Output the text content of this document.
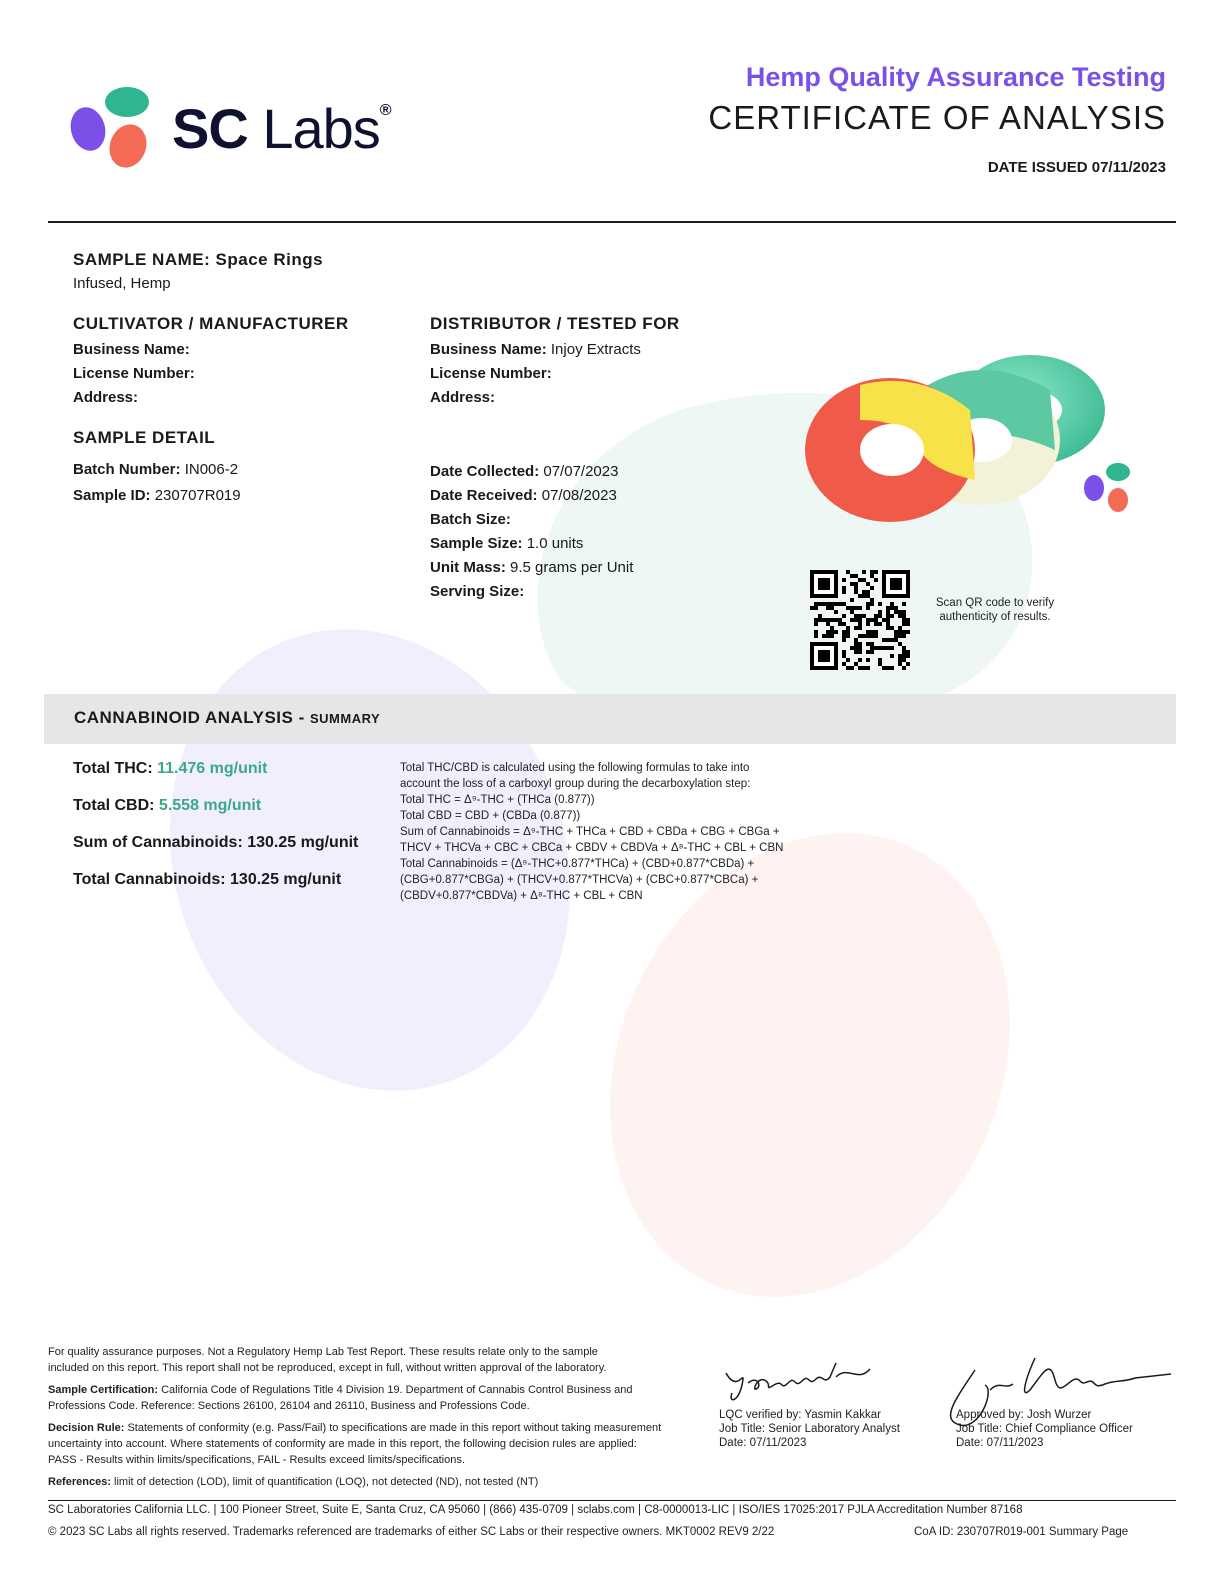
SC Labs®
Hemp Quality Assurance Testing
CERTIFICATE OF ANALYSIS
DATE ISSUED 07/11/2023
SAMPLE NAME: Space Rings
Infused, Hemp
CULTIVATOR / MANUFACTURER
Business Name:
License Number:
Address:
DISTRIBUTOR / TESTED FOR
Business Name: Injoy Extracts
License Number:
Address:
SAMPLE DETAIL
Batch Number: IN006-2
Sample ID: 230707R019
Date Collected: 07/07/2023
Date Received: 07/08/2023
Batch Size:
Sample Size: 1.0 units
Unit Mass: 9.5 grams per Unit
Serving Size:
Scan QR code to verify
authenticity of results.
CANNABINOID ANALYSIS - SUMMARY
Total THC: 11.476 mg/unit
Total CBD: 5.558 mg/unit
Sum of Cannabinoids: 130.25 mg/unit
Total Cannabinoids: 130.25 mg/unit
Total THC/CBD is calculated using the following formulas to take into
account the loss of a carboxyl group during the decarboxylation step:
Total THC = Δ⁹-THC + (THCa (0.877))
Total CBD = CBD + (CBDa (0.877))
Sum of Cannabinoids = Δ⁹-THC + THCa + CBD + CBDa + CBG + CBGa +
THCV + THCVa + CBC + CBCa + CBDV + CBDVa + Δ⁸-THC + CBL + CBN
Total Cannabinoids = (Δ⁹-THC+0.877*THCa) + (CBD+0.877*CBDa) +
(CBG+0.877*CBGa) + (THCV+0.877*THCVa) + (CBC+0.877*CBCa) +
(CBDV+0.877*CBDVa) + Δ⁸-THC + CBL + CBN

For quality assurance purposes. Not a Regulatory Hemp Lab Test Report. These results relate only to the sample included on this report. This report shall not be reproduced, except in full, without written approval of the laboratory.

Sample Certification: California Code of Regulations Title 4 Division 19. Department of Cannabis Control Business and Professions Code. Reference: Sections 26100, 26104 and 26110, Business and Professions Code.

Decision Rule: Statements of conformity (e.g. Pass/Fail) to specifications are made in this report without taking measurement uncertainty into account. Where statements of conformity are made in this report, the following decision rules are applied: PASS - Results within limits/specifications, FAIL - Results exceed limits/specifications.

References: limit of detection (LOD), limit of quantification (LOQ), not detected (ND), not tested (NT)

LQC verified by: Yasmin Kakkar
Job Title: Senior Laboratory Analyst
Date: 07/11/2023
Approved by: Josh Wurzer
Job Title: Chief Compliance Officer
Date: 07/11/2023
SC Laboratories California LLC. | 100 Pioneer Street, Suite E, Santa Cruz, CA 95060 | (866) 435-0709 | sclabs.com | C8-0000013-LIC | ISO/IES 17025:2017 PJLA Accreditation Number 87168
© 2023 SC Labs all rights reserved. Trademarks referenced are trademarks of either SC Labs or their respective owners. MKT0002 REV9 2/22	CoA ID: 230707R019-001 Summary Page
